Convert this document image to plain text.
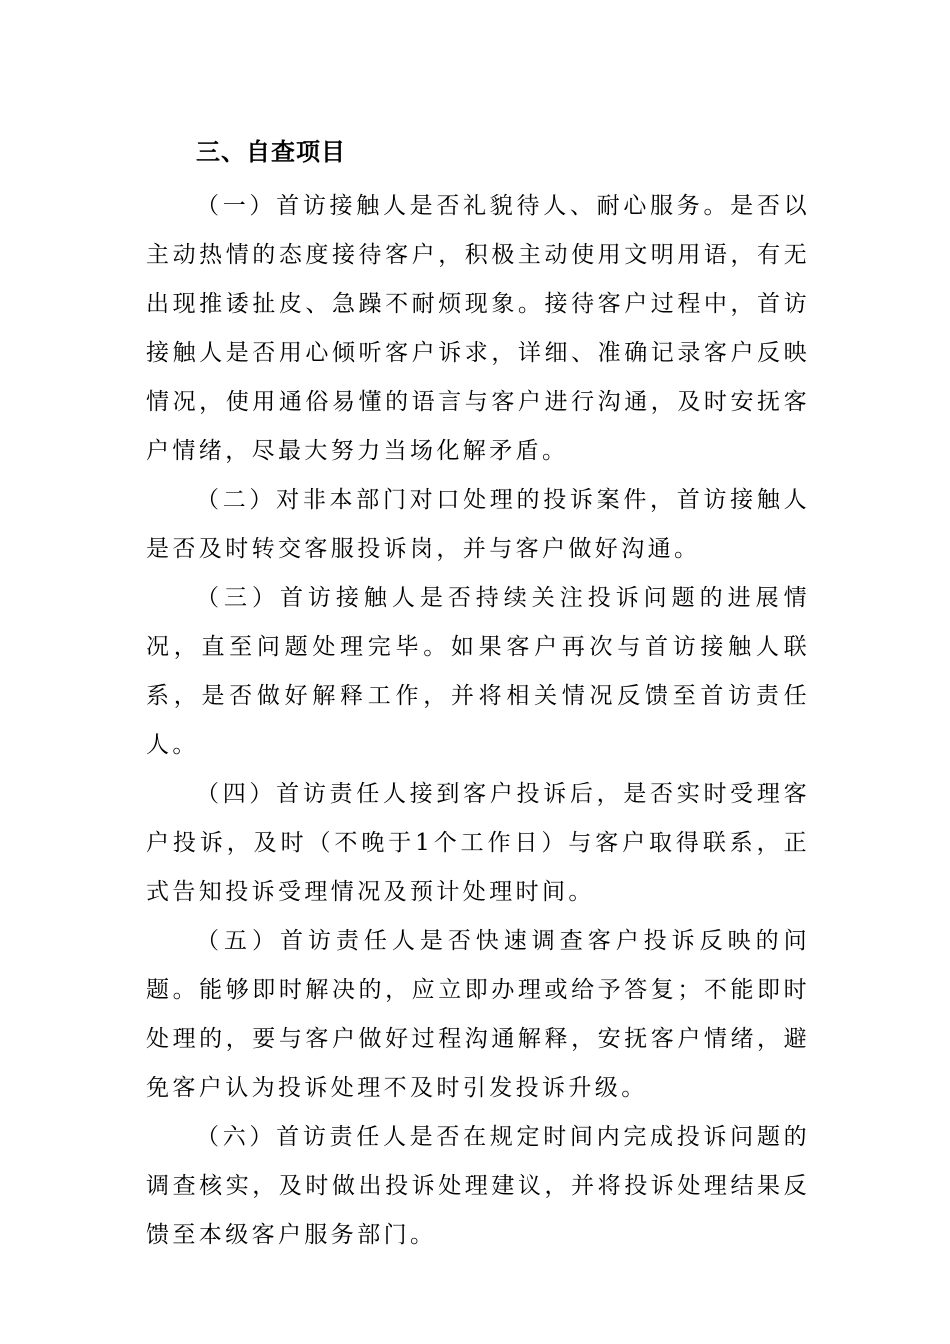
三、自查项目

（一）首访接触人是否礼貌待人、耐心服务。是否以主动热情的态度接待客户，积极主动使用文明用语，有无出现推诿扯皮、急躁不耐烦现象。接待客户过程中，首访接触人是否用心倾听客户诉求，详细、准确记录客户反映情况，使用通俗易懂的语言与客户进行沟通，及时安抚客户情绪，尽最大努力当场化解矛盾。

（二）对非本部门对口处理的投诉案件，首访接触人是否及时转交客服投诉岗，并与客户做好沟通。

（三）首访接触人是否持续关注投诉问题的进展情况，直至问题处理完毕。如果客户再次与首访接触人联系，是否做好解释工作，并将相关情况反馈至首访责任人。

（四）首访责任人接到客户投诉后，是否实时受理客户投诉，及时（不晚于1个工作日）与客户取得联系，正式告知投诉受理情况及预计处理时间。

（五）首访责任人是否快速调查客户投诉反映的问题。能够即时解决的，应立即办理或给予答复；不能即时处理的，要与客户做好过程沟通解释，安抚客户情绪，避免客户认为投诉处理不及时引发投诉升级。

（六）首访责任人是否在规定时间内完成投诉问题的调查核实，及时做出投诉处理建议，并将投诉处理结果反馈至本级客户服务部门。
